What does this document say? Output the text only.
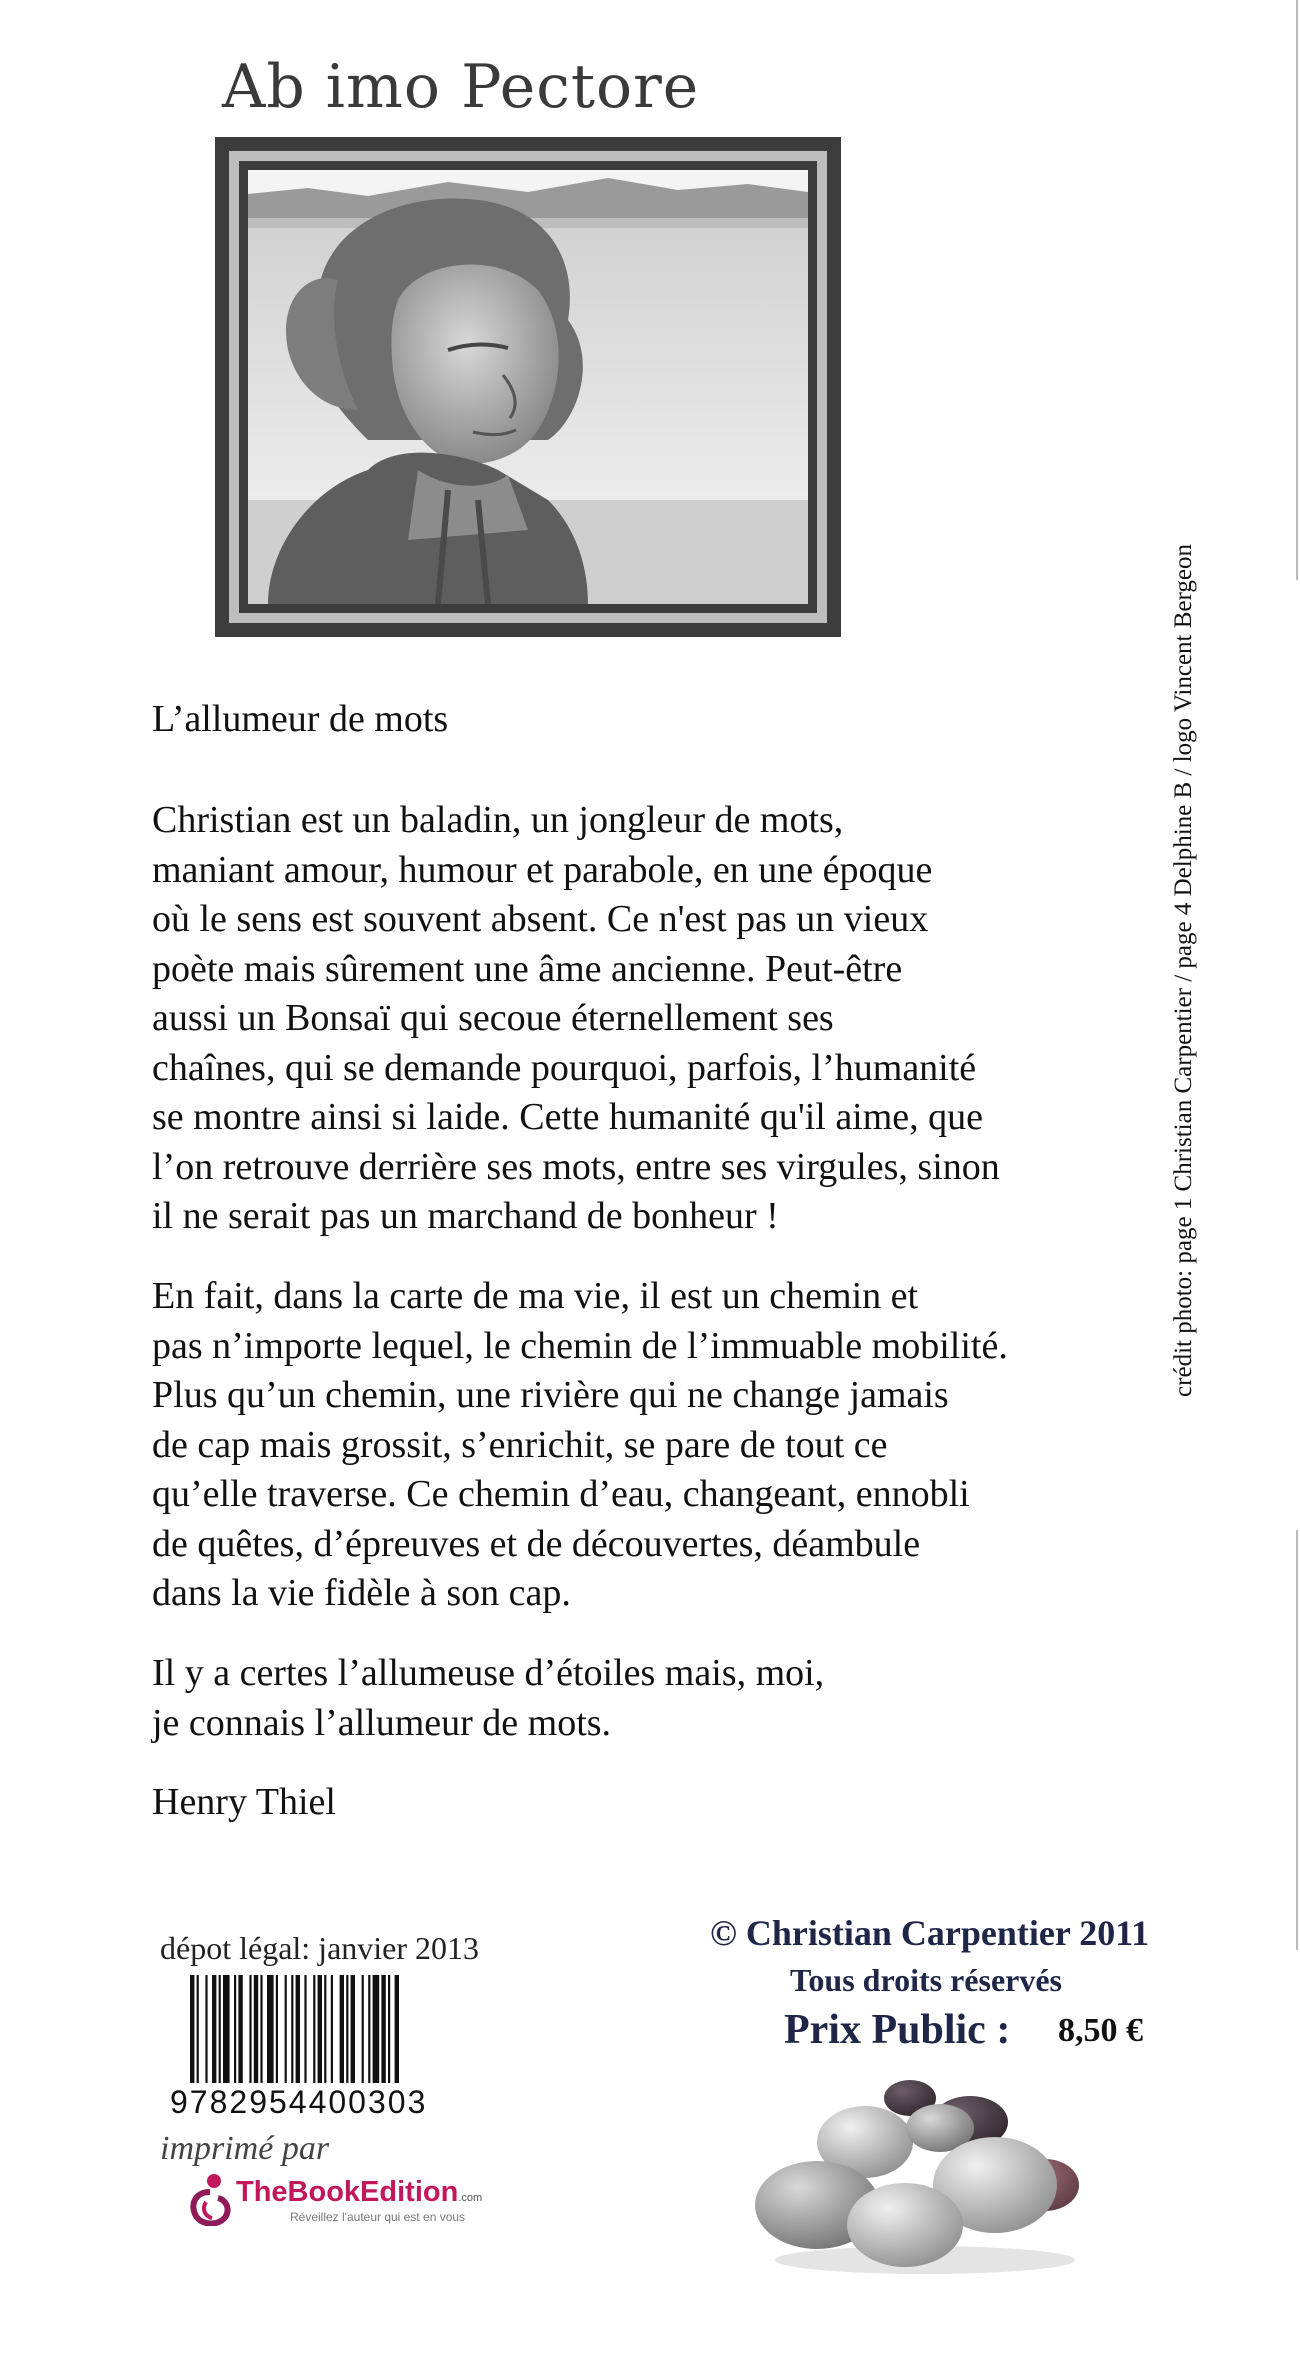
Ab imo Pectore
L’allumeur de mots
Christian est un baladin, un jongleur de mots,
maniant amour, humour et parabole, en une époque
où le sens est souvent absent. Ce n'est pas un vieux
poète mais sûrement une âme ancienne. Peut-être
aussi un Bonsaï qui secoue éternellement ses
chaînes, qui se demande pourquoi, parfois, l’humanité
se montre ainsi si laide. Cette humanité qu'il aime, que
l’on retrouve derrière ses mots, entre ses virgules, sinon
il ne serait pas un marchand de bonheur !
En fait, dans la carte de ma vie, il est un chemin et
pas n’importe lequel, le chemin de l’immuable mobilité.
Plus qu’un chemin, une rivière qui ne change jamais
de cap mais grossit, s’enrichit, se pare de tout ce
qu’elle traverse. Ce chemin d’eau, changeant, ennobli
de quêtes, d’épreuves et de découvertes, déambule
dans la vie fidèle à son cap.
Il y a certes l’allumeuse d’étoiles mais, moi,
je connais l’allumeur de mots.
Henry Thiel
crédit photo: page 1 Christian Carpentier / page 4 Delphine B / logo Vincent Bergeon
dépot légal: janvier 2013
9782954400303
imprimé par
TheBookEdition.com
Réveillez l'auteur qui est en vous
© Christian Carpentier 2011
Tous droits réservés
Prix Public : 8,50 €
